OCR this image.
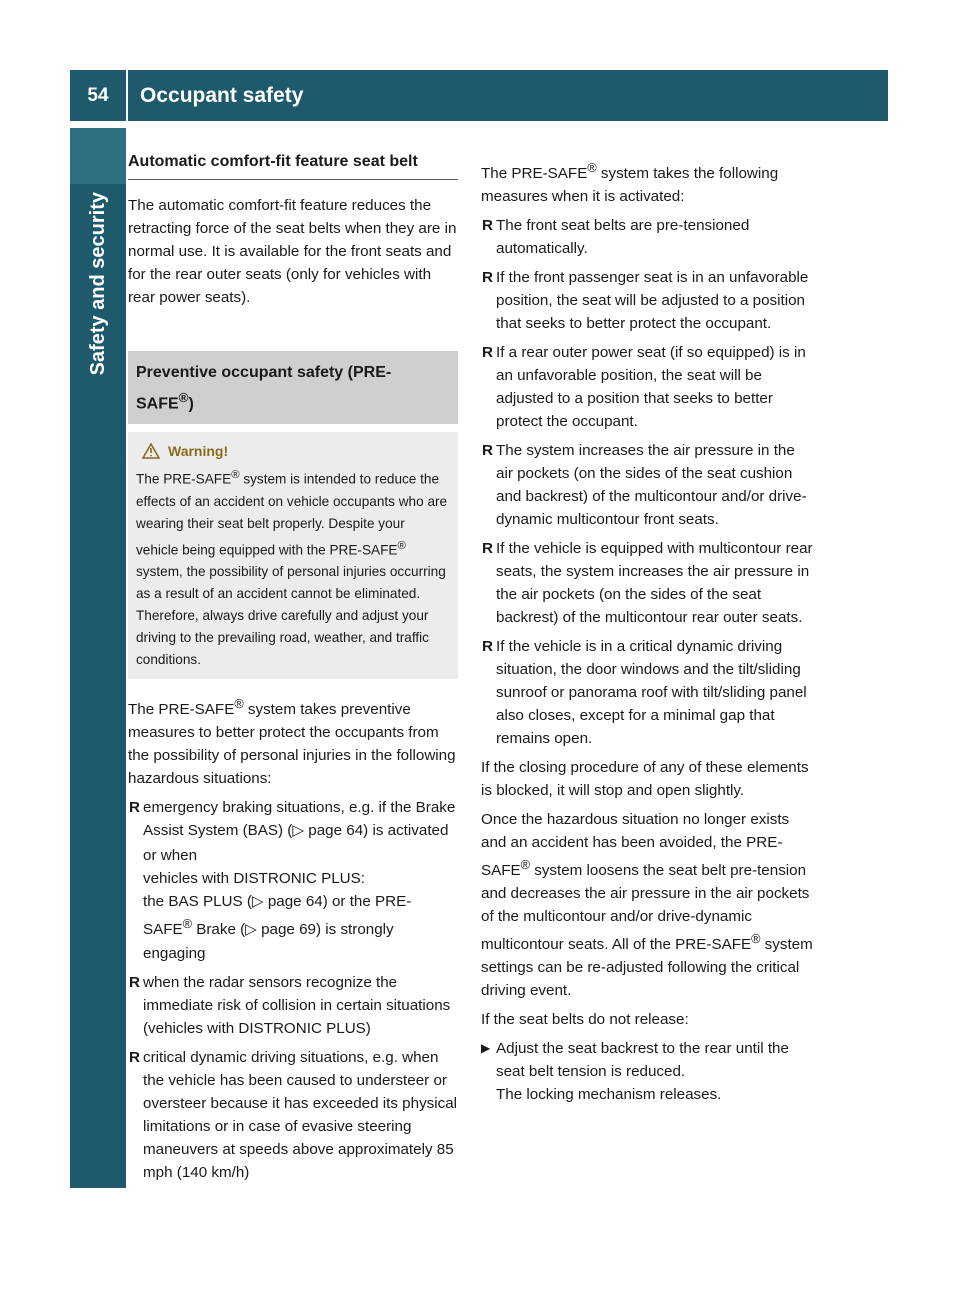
54	Occupant safety
Safety and security
Automatic comfort-fit feature seat belt

The automatic comfort-fit feature reduces the retracting force of the seat belts when they are in normal use. It is available for the front seats and for the rear outer seats (only for vehicles with rear power seats).

Preventive occupant safety (PRE-
SAFE®)
Warning!
The PRE-SAFE® system is intended to reduce the effects of an accident on vehicle occupants who are wearing their seat belt properly. Despite your vehicle being equipped with the PRE-SAFE® system, the possibility of personal injuries occurring as a result of an accident cannot be eliminated. Therefore, always drive carefully and adjust your driving to the prevailing road, weather, and traffic conditions.

The PRE-SAFE® system takes preventive measures to better protect the occupants from the possibility of personal injuries in the following hazardous situations:

R emergency braking situations, e.g. if the Brake Assist System (BAS) (▷ page 64) is activated
or when
vehicles with DISTRONIC PLUS:
the BAS PLUS (▷ page 64) or the PRE-SAFE® Brake (▷ page 69) is strongly engaging
R when the radar sensors recognize the immediate risk of collision in certain situations (vehicles with DISTRONIC PLUS)
R critical dynamic driving situations, e.g. when the vehicle has been caused to understeer or oversteer because it has exceeded its physical limitations or in case of evasive steering maneuvers at speeds above approximately 85 mph (140 km/h)

The PRE-SAFE® system takes the following measures when it is activated:

R The front seat belts are pre-tensioned automatically.
R If the front passenger seat is in an unfavorable position, the seat will be adjusted to a position that seeks to better protect the occupant.
R If a rear outer power seat (if so equipped) is in an unfavorable position, the seat will be adjusted to a position that seeks to better protect the occupant.
R The system increases the air pressure in the air pockets (on the sides of the seat cushion and backrest) of the multicontour and/or drive-dynamic multicontour front seats.
R If the vehicle is equipped with multicontour rear seats, the system increases the air pressure in the air pockets (on the sides of the seat backrest) of the multicontour rear outer seats.
R If the vehicle is in a critical dynamic driving situation, the door windows and the tilt/sliding sunroof or panorama roof with tilt/sliding panel also closes, except for a minimal gap that remains open.

If the closing procedure of any of these elements is blocked, it will stop and open slightly.

Once the hazardous situation no longer exists and an accident has been avoided, the PRE-SAFE® system loosens the seat belt pre-tension and decreases the air pressure in the air pockets of the multicontour and/or drive-dynamic multicontour seats. All of the PRE-SAFE® system settings can be re-adjusted following the critical driving event.

If the seat belts do not release:

▶ Adjust the seat backrest to the rear until the seat belt tension is reduced.
The locking mechanism releases.
